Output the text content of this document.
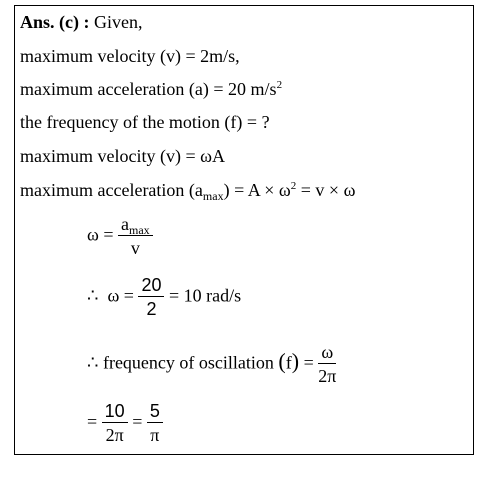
Ans. (c) : Given,
maximum velocity (v) = 2m/s,
maximum acceleration (a) = 20 $m/s^2$
the frequency of the motion (f) = ?
maximum velocity (v) = ωA
maximum acceleration $(a_{max}) = A \times \omega^2 = v \times \omega$
$\omega = \frac{a_{max}}{v}$
∴ $\omega = \frac{20}{2} = 10$ rad/s
∴ frequency of oscillation $(f) = \frac{\omega}{2\pi}$
= $\frac{10}{2\pi} = \frac{5}{\pi}$
